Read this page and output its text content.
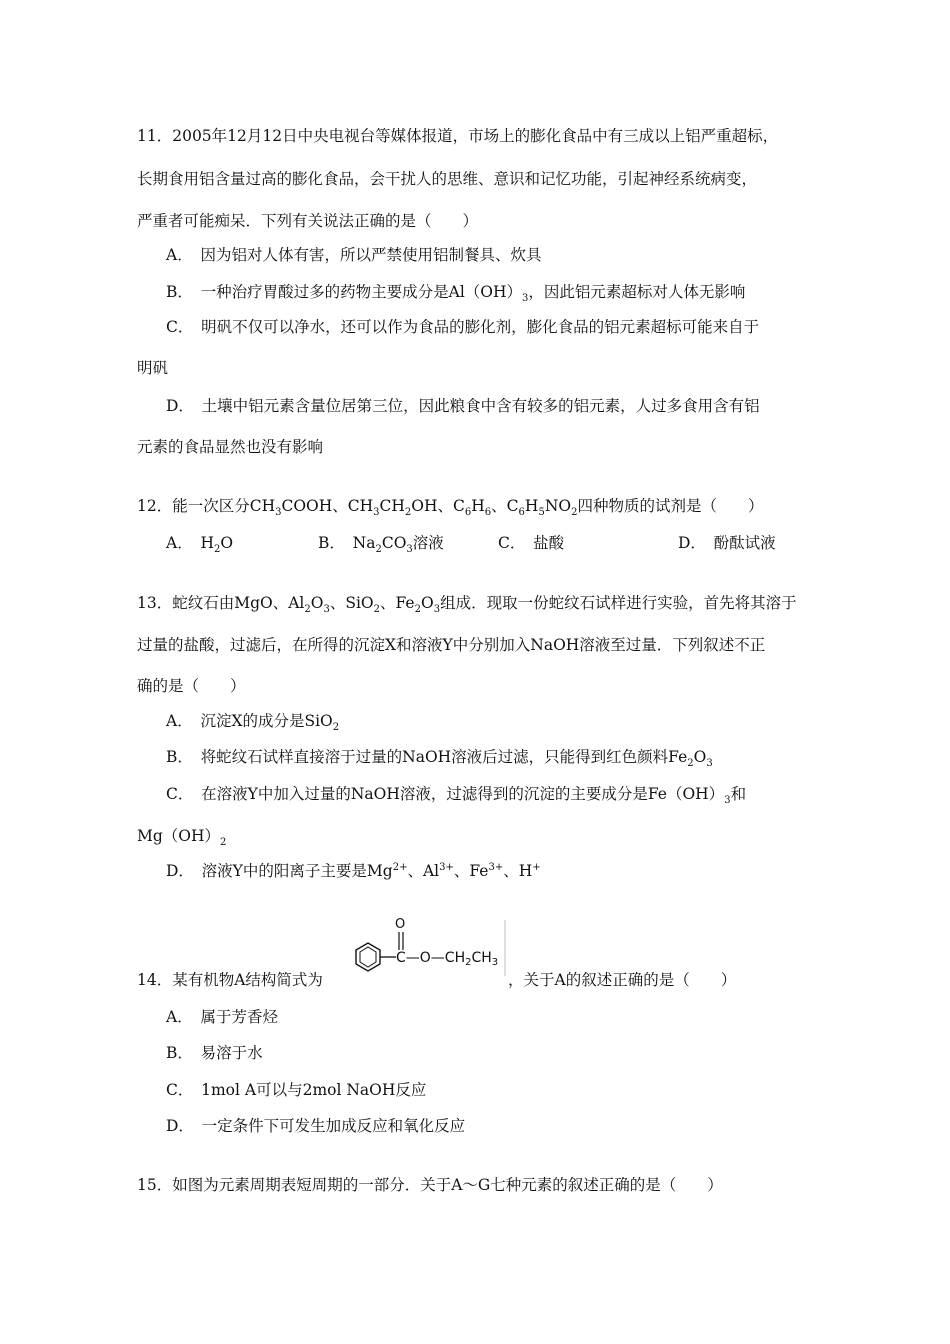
11．2005年12月12日中央电视台等媒体报道，市场上的膨化食品中有三成以上铝严重超标，
长期食用铝含量过高的膨化食品，会干扰人的思维、意识和记忆功能，引起神经系统病变，
严重者可能痴呆．下列有关说法正确的是（　　）
A．　因为铝对人体有害，所以严禁使用铝制餐具、炊具
B．　一种治疗胃酸过多的药物主要成分是$Al(OH)_3$，因此铝元素超标对人体无影响
C．　明矾不仅可以净水，还可以作为食品的膨化剂，膨化食品的铝元素超标可能来自于
明矾
D．　土壤中铝元素含量位居第三位，因此粮食中含有较多的铝元素，人过多食用含有铝
元素的食品显然也没有影响
12．能一次区分$CH_3COOH$、$CH_3CH_2OH$、$C_6H_6$、$C_6H_5NO_2$四种物质的试剂是（　　）
A．　$H_2O$	B．　$Na_2CO_3$溶液	C．　盐酸	D．　酚酞试液
13．蛇纹石由MgO、$Al_2O_3$、SiO$_2$、$Fe_2O_3$组成．现取一份蛇纹石试样进行实验，首先将其溶于
过量的盐酸，过滤后，在所得的沉淀X和溶液Y中分别加入NaOH溶液至过量．下列叙述不正
确的是（　　）
A．　沉淀X的成分是SiO$_2$
B．　将蛇纹石试样直接溶于过量的NaOH溶液后过滤，只能得到红色颜料$Fe_2O_3$
C．　在溶液Y中加入过量的NaOH溶液，过滤得到的沉淀的主要成分是$Fe(OH)_3$和
$Mg(OH)_2$
D．　溶液Y中的阳离子主要是$Mg^{2+}$、$Al^{3+}$、$Fe^{3+}$、H+
14．某有机物A结构简式为
O
$C—O—CH_2CH_3$
，关于A的叙述正确的是（　　）
A．　属于芳香烃
B．　易溶于水
C．　1mol A可以与2mol NaOH反应
D．　一定条件下可发生加成反应和氧化反应
15．如图为元素周期表短周期的一部分．关于A～G七种元素的叙述正确的是（　　）
